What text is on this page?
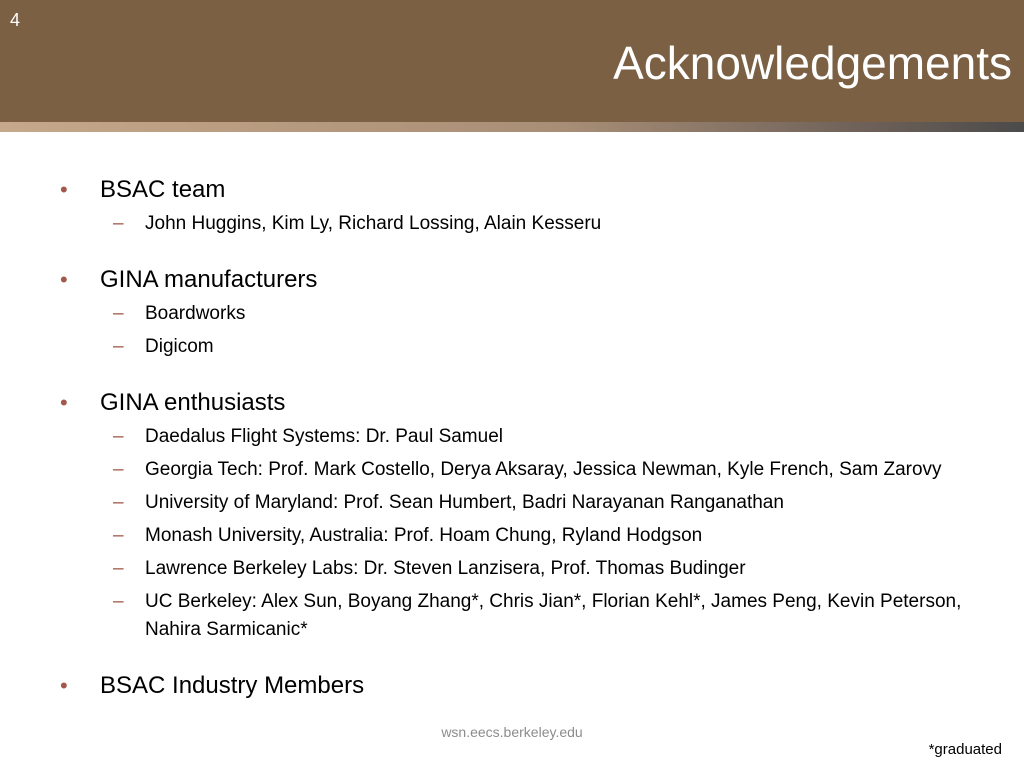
4
Acknowledgements
• BSAC team
– John Huggins, Kim Ly, Richard Lossing, Alain Kesseru
• GINA manufacturers
– Boardworks
– Digicom
• GINA enthusiasts
– Daedalus Flight Systems: Dr. Paul Samuel
– Georgia Tech: Prof. Mark Costello, Derya Aksaray, Jessica Newman, Kyle French, Sam Zarovy
– University of Maryland: Prof. Sean Humbert, Badri Narayanan Ranganathan
– Monash University, Australia: Prof. Hoam Chung, Ryland Hodgson
– Lawrence Berkeley Labs: Dr. Steven Lanzisera, Prof. Thomas Budinger
– UC Berkeley: Alex Sun, Boyang Zhang*, Chris Jian*, Florian Kehl*, James Peng, Kevin Peterson, Nahira Sarmicanic*
• BSAC Industry Members
wsn.eecs.berkeley.edu
*graduated
